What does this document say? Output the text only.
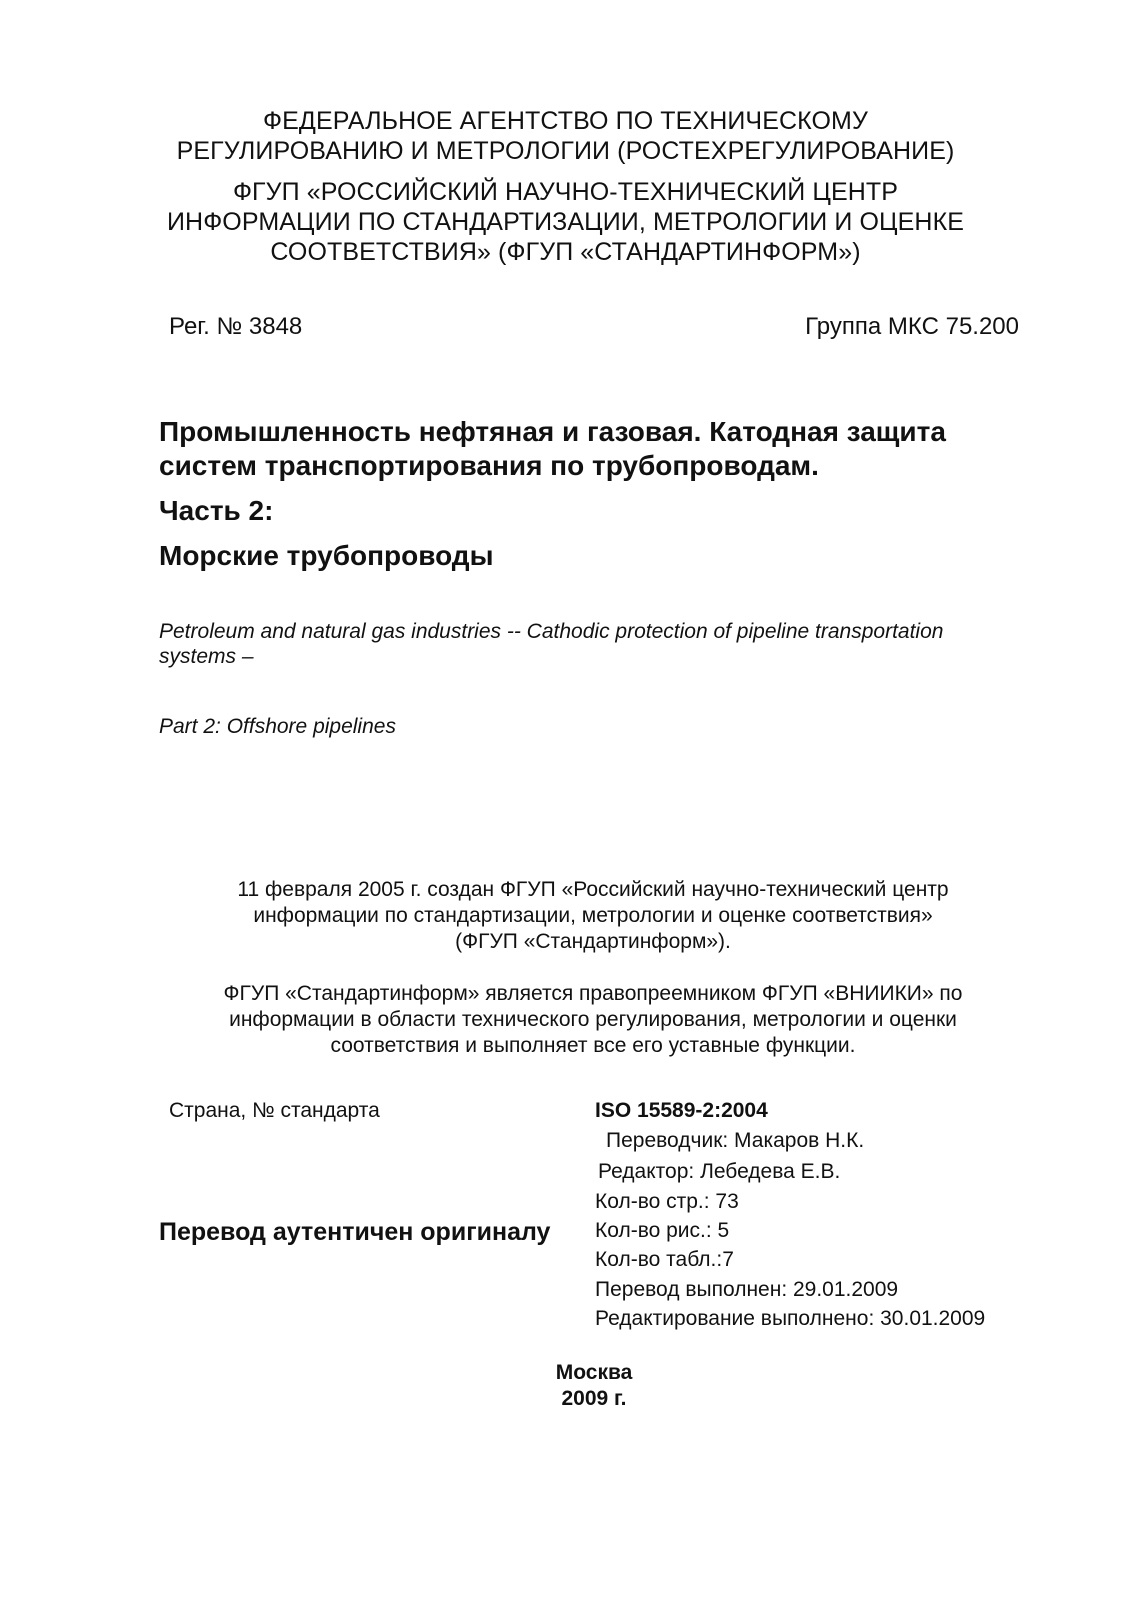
ФЕДЕРАЛЬНОЕ АГЕНТСТВО ПО ТЕХНИЧЕСКОМУ
РЕГУЛИРОВАНИЮ И МЕТРОЛОГИИ (РОСТЕХРЕГУЛИРОВАНИЕ)
ФГУП «РОССИЙСКИЙ НАУЧНО-ТЕХНИЧЕСКИЙ ЦЕНТР
ИНФОРМАЦИИ ПО СТАНДАРТИЗАЦИИ, МЕТРОЛОГИИ И ОЦЕНКЕ
СООТВЕТСТВИЯ» (ФГУП «СТАНДАРТИНФОРМ»)
Рег. № 3848	Группа МКС 75.200
Промышленность нефтяная и газовая. Катодная защита
систем транспортирования по трубопроводам.
Часть 2:
Морские трубопроводы
Petroleum and natural gas industries -- Cathodic protection of pipeline transportation
systems –
Part 2: Offshore pipelines
11 февраля 2005 г. создан ФГУП «Российский научно-технический центр
информации по стандартизации, метрологии и оценке соответствия»
(ФГУП «Стандартинформ»).
ФГУП «Стандартинформ» является правопреемником ФГУП «ВНИИКИ» по
информации в области технического регулирования, метрологии и оценки
соответствия и выполняет все его уставные функции.
Страна, № стандарта	ISO 15589-2:2004
Переводчик: Макаров Н.К.
Редактор: Лебедева Е.В.
Кол-во стр.: 73
Кол-во рис.: 5
Кол-во табл.:7
Перевод выполнен: 29.01.2009
Редактирование выполнено: 30.01.2009
Перевод аутентичен оригиналу
Москва
2009 г.
